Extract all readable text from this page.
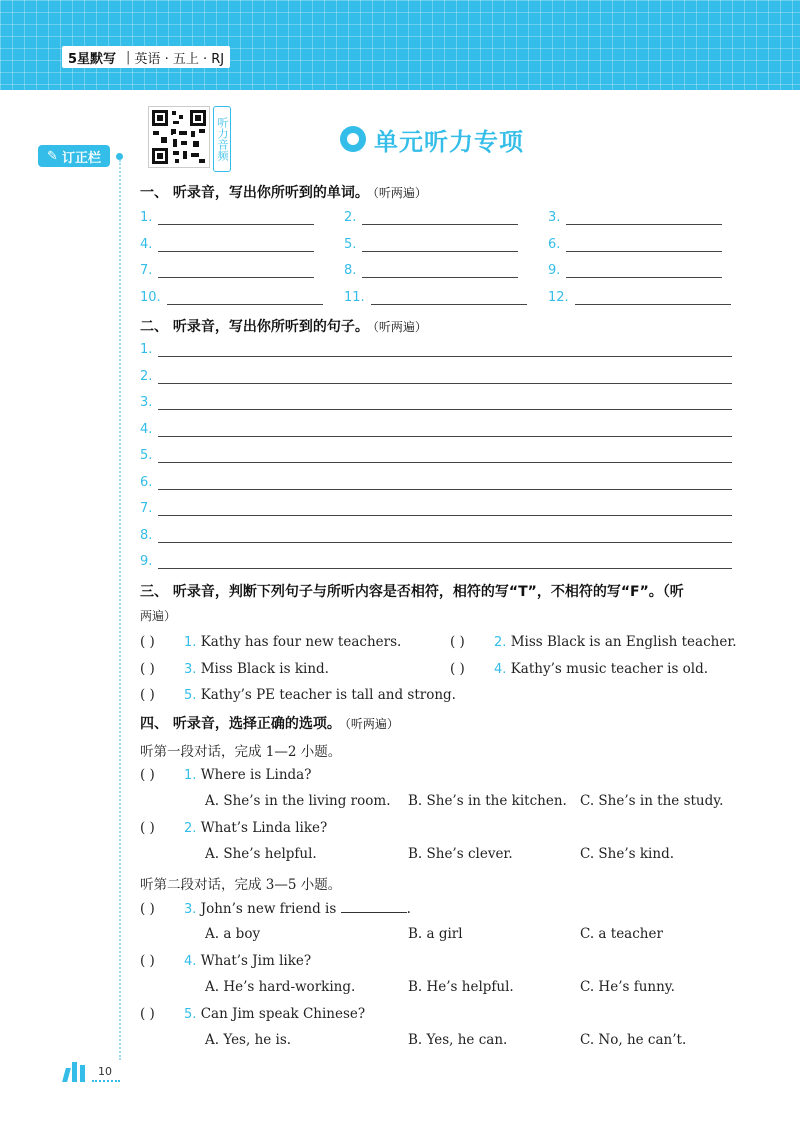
5星默写 | 英语 · 五上 · RJ
听力音频
✎ 订正栏
单元听力专项
一、 听录音，写出你所听到的单词。 （听两遍）
1.	2.	3.
4.	5.	6.
7.	8.	9.
10.	11.	12.
二、 听录音，写出你所听到的句子。 （听两遍）
1.
2.
3.
4.
5.
6.
7.
8.
9.
三、 听录音，判断下列句子与所听内容是否相符，相符的写“T”，不相符的写“F”。（听
两遍）
( ) 1. Kathy has four new teachers.	( ) 2. Miss Black is an English teacher.
( ) 3. Miss Black is kind.	( ) 4. Kathy’s music teacher is old.
( ) 5. Kathy’s PE teacher is tall and strong.
四、 听录音，选择正确的选项。 （听两遍）
听第一段对话，完成 1—2 小题。
( ) 1. Where is Linda?
A. She’s in the living room. B. She’s in the kitchen. C. She’s in the study.
( ) 2. What’s Linda like?
A. She’s helpful.	B. She’s clever.	C. She’s kind.
听第二段对话，完成 3—5 小题。
( ) 3. John’s new friend is	.
A. a boy	B. a girl	C. a teacher
( ) 4. What’s Jim like?
A. He’s hard-working.	B. He’s helpful.	C. He’s funny.
( ) 5. Can Jim speak Chinese?
A. Yes, he is.	B. Yes, he can.	C. No, he can’t.
10
